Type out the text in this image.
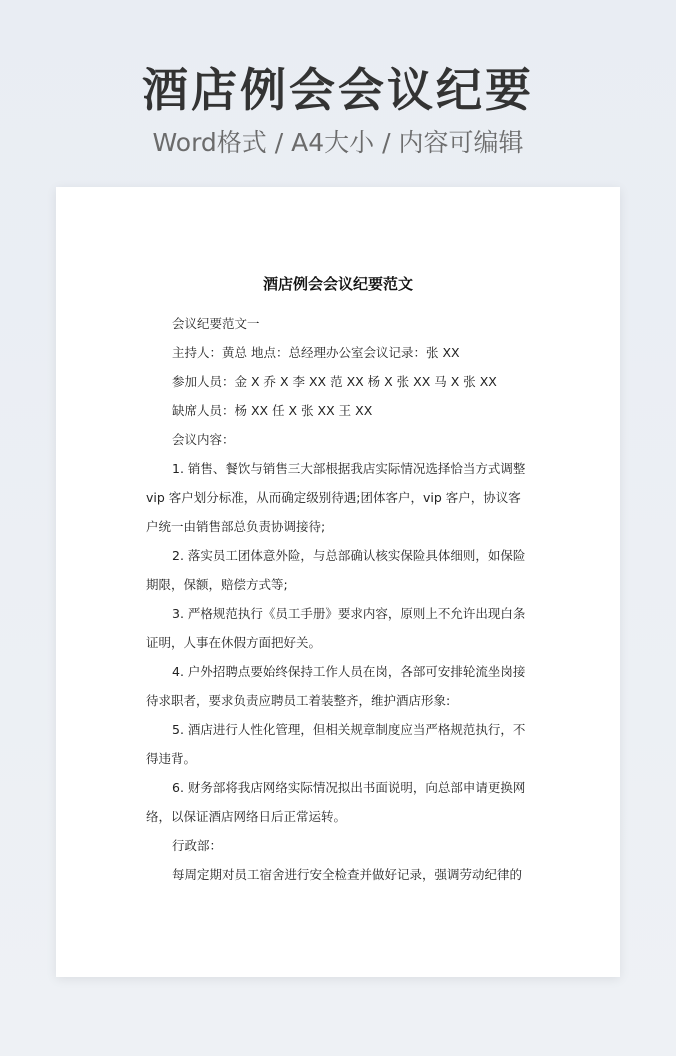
酒店例会会议纪要
Word格式 / A4大小 / 内容可编辑
酒店例会会议纪要范文

会议纪要范文一

主持人：黄总 地点：总经理办公室会议记录：张 XX

参加人员：金 X 乔 X 李 XX 范 XX 杨 X 张 XX 马 X 张 XX

缺席人员：杨 XX 任 X 张 XX 王 XX

会议内容：

1. 销售、餐饮与销售三大部根据我店实际情况选择恰当方式调整vip 客户划分标准，从而确定级别待遇;团体客户，vip 客户，协议客户统一由销售部总负责协调接待;

2. 落实员工团体意外险，与总部确认核实保险具体细则，如保险期限，保额，赔偿方式等;

3. 严格规范执行《员工手册》要求内容，原则上不允许出现白条证明，人事在休假方面把好关。

4. 户外招聘点要始终保持工作人员在岗，各部可安排轮流坐岗接待求职者，要求负责应聘员工着装整齐，维护酒店形象:

5. 酒店进行人性化管理，但相关规章制度应当严格规范执行，不得违背。

6. 财务部将我店网络实际情况拟出书面说明，向总部申请更换网络，以保证酒店网络日后正常运转。

行政部：

每周定期对员工宿舍进行安全检查并做好记录，强调劳动纪律的
